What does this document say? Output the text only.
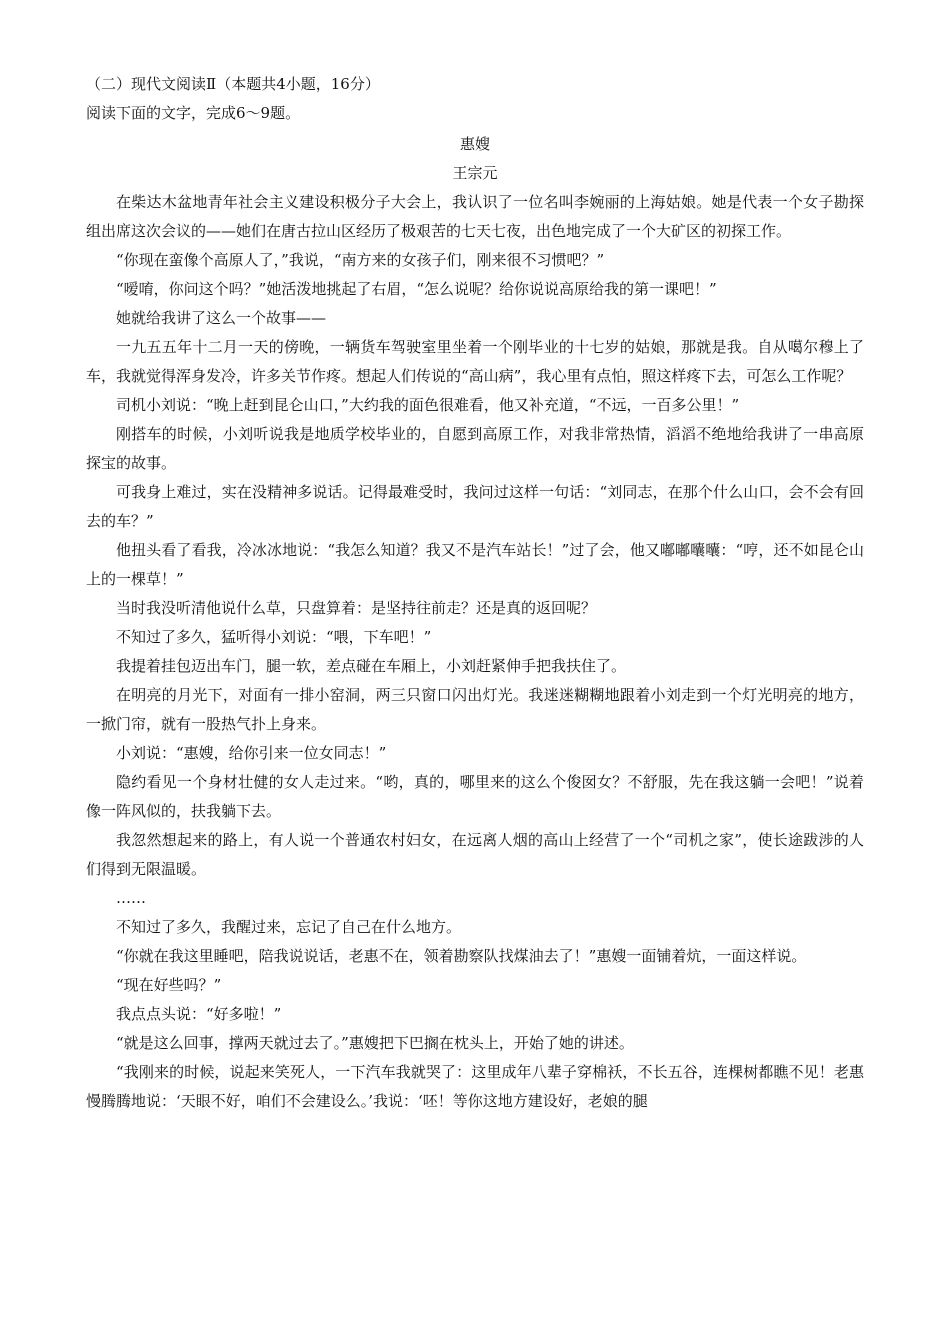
（二）现代文阅读Ⅱ（本题共4小题，16分）

阅读下面的文字，完成6～9题。

惠嫂

王宗元

在柴达木盆地青年社会主义建设积极分子大会上，我认识了一位名叫李婉丽的上海姑娘。她是代表一个女子勘探组出席这次会议的——她们在唐古拉山区经历了极艰苦的七天七夜，出色地完成了一个大矿区的初探工作。

“你现在蛮像个高原人了，”我说，“南方来的女孩子们，刚来很不习惯吧？”

“嗳唷，你问这个吗？”她活泼地挑起了右眉，“怎么说呢？给你说说高原给我的第一课吧！”

她就给我讲了这么一个故事——

一九五五年十二月一天的傍晚，一辆货车驾驶室里坐着一个刚毕业的十七岁的姑娘，那就是我。自从噶尔穆上了车，我就觉得浑身发冷，许多关节作疼。想起人们传说的“高山病”，我心里有点怕，照这样疼下去，可怎么工作呢？

司机小刘说：“晚上赶到昆仑山口，”大约我的面色很难看，他又补充道，“不远，一百多公里！”

刚搭车的时候，小刘听说我是地质学校毕业的，自愿到高原工作，对我非常热情，滔滔不绝地给我讲了一串高原探宝的故事。

可我身上难过，实在没精神多说话。记得最难受时，我问过这样一句话：“刘同志，在那个什么山口，会不会有回去的车？”

他扭头看了看我，冷冰冰地说：“我怎么知道？我又不是汽车站长！”过了会，他又嘟嘟囔囔：“哼，还不如昆仑山上的一棵草！”

当时我没听清他说什么草，只盘算着：是坚持往前走？还是真的返回呢？

不知过了多久，猛听得小刘说：“喂，下车吧！”

我提着挂包迈出车门，腿一软，差点碰在车厢上，小刘赶紧伸手把我扶住了。

在明亮的月光下，对面有一排小窑洞，两三只窗口闪出灯光。我迷迷糊糊地跟着小刘走到一个灯光明亮的地方，一掀门帘，就有一股热气扑上身来。

小刘说：“惠嫂，给你引来一位女同志！”

隐约看见一个身材壮健的女人走过来。“哟，真的，哪里来的这么个俊囡女？不舒服，先在我这躺一会吧！”说着像一阵风似的，扶我躺下去。

我忽然想起来的路上，有人说一个普通农村妇女，在远离人烟的高山上经营了一个“司机之家”，使长途跋涉的人们得到无限温暖。

……

不知过了多久，我醒过来，忘记了自己在什么地方。

“你就在我这里睡吧，陪我说说话，老惠不在，领着勘察队找煤油去了！”惠嫂一面铺着炕，一面这样说。

“现在好些吗？”

我点点头说：“好多啦！”

“就是这么回事，撑两天就过去了。”惠嫂把下巴搁在枕头上，开始了她的讲述。

“我刚来的时候，说起来笑死人，一下汽车我就哭了：这里成年八辈子穿棉袄，不长五谷，连棵树都瞧不见！老惠慢腾腾地说：‘天眼不好，咱们不会建设么。’我说：‘呸！等你这地方建设好，老娘的腿
